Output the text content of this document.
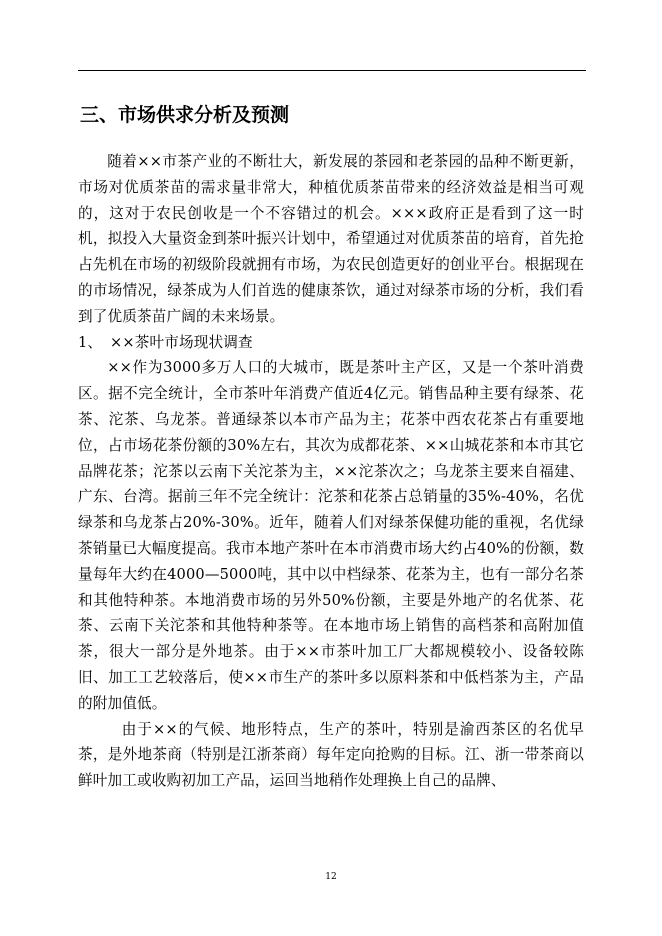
三、市场供求分析及预测

随着××市茶产业的不断壮大，新发展的茶园和老茶园的品种不断更新，市场对优质茶苗的需求量非常大，种植优质茶苗带来的经济效益是相当可观的，这对于农民创收是一个不容错过的机会。×××政府正是看到了这一时机，拟投入大量资金到茶叶振兴计划中，希望通过对优质茶苗的培育，首先抢占先机在市场的初级阶段就拥有市场，为农民创造更好的创业平台。根据现在的市场情况，绿茶成为人们首选的健康茶饮，通过对绿茶市场的分析，我们看到了优质茶苗广阔的未来场景。

1、 ××茶叶市场现状调查

××作为3000多万人口的大城市，既是茶叶主产区，又是一个茶叶消费区。据不完全统计，全市茶叶年消费产值近4亿元。销售品种主要有绿茶、花茶、沱茶、乌龙茶。普通绿茶以本市产品为主；花茶中西农花茶占有重要地位，占市场花茶份额的30%左右，其次为成都花茶、××山城花茶和本市其它品牌花茶；沱茶以云南下关沱茶为主，××沱茶次之；乌龙茶主要来自福建、广东、台湾。据前三年不完全统计：沱茶和花茶占总销量的35%-40%，名优绿茶和乌龙茶占20%-30%。近年，随着人们对绿茶保健功能的重视，名优绿茶销量已大幅度提高。我市本地产茶叶在本市消费市场大约占40%的份额，数量每年大约在4000—5000吨，其中以中档绿茶、花茶为主，也有一部分名茶和其他特种茶。本地消费市场的另外50%份额，主要是外地产的名优茶、花茶、云南下关沱茶和其他特种茶等。在本地市场上销售的高档茶和高附加值茶，很大一部分是外地茶。由于××市茶叶加工厂大都规模较小、设备较陈旧、加工工艺较落后，使××市生产的茶叶多以原料茶和中低档茶为主，产品的附加值低。

由于××的气候、地形特点，生产的茶叶，特别是渝西茶区的名优早茶，是外地茶商（特别是江浙茶商）每年定向抢购的目标。江、浙一带茶商以鲜叶加工或收购初加工产品，运回当地稍作处理换上自己的品牌、

12
